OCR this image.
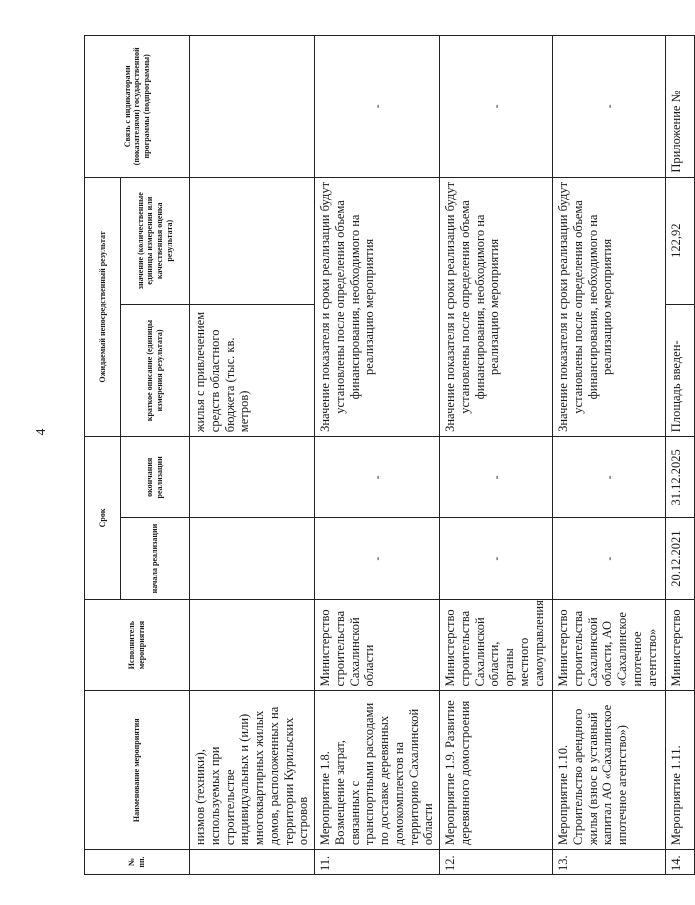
4
№ пп.	Наименование мероприятия	Исполнитель мероприятия	Срок		Ожидаемый непосредственный результат		Связь с индикаторами (показателями) государственной программы (подпрограммы)
			начала реализации	окончания реализации	краткое описание (единицы измерения результата)	значение (количественные единицы измерения или качественная оценка результата)	
	низмов (техники), используемых при строительстве индивидуальных и (или) многоквартирных жилых домов, расположенных на территории Курильских островов				жилья с привлечением средств областного бюджета (тыс. кв. метров)		
11.	Мероприятие 1.8. Возмещение затрат, связанных с транспортными расходами по доставке деревянных домокомплектов на территорию Сахалинской области	Министерство строительства Сахалинской области	-	-	Значение показателя и сроки реализации будут установлены после определения объема финансирования, необходимого на реализацию мероприятия		-
12.	Мероприятие 1.9. Развитие деревянного домостроения	Министерство строительства Сахалинской области, органы местного самоуправления	-	-	Значение показателя и сроки реализации будут установлены после определения объема финансирования, необходимого на реализацию мероприятия		-
13.	Мероприятие 1.10. Строительство арендного жилья (взнос в уставный капитал АО «Сахалинское ипотечное агентство»)	Министерство строительства Сахалинской области, АО «Сахалинское ипотечное агентство»	-	-	Значение показателя и сроки реализации будут установлены после определения объема финансирования, необходимого на реализацию мероприятия		-
14.	Мероприятие 1.11.	Министерство	20.12.2021	31.12.2025	Площадь введен-	122,92	Приложение №
